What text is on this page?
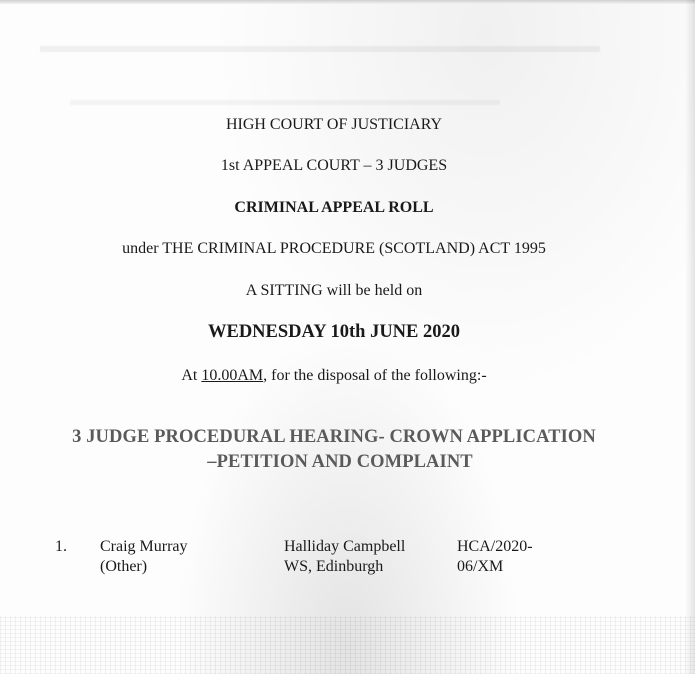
HIGH COURT OF JUSTICIARY
1st APPEAL COURT – 3 JUDGES
CRIMINAL APPEAL ROLL
under THE CRIMINAL PROCEDURE (SCOTLAND) ACT 1995
A SITTING will be held on
WEDNESDAY 10th JUNE 2020
At 10.00AM, for the disposal of the following:-
3 JUDGE PROCEDURAL HEARING- CROWN APPLICATION
–PETITION AND COMPLAINT
1. Craig Murray
(Other)
Halliday Campbell
WS, Edinburgh
HCA/2020-
06/XM
